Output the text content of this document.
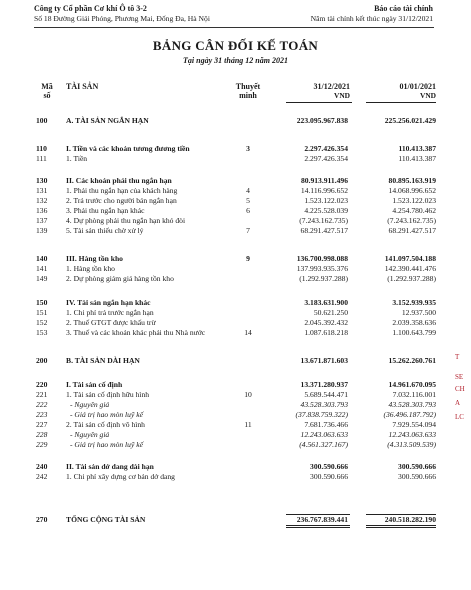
Công ty Cổ phần Cơ khí Ô tô 3-2
Số 18 Đường Giải Phóng, Phương Mai, Đống Đa, Hà Nội
Báo cáo tài chính
Năm tài chính kết thúc ngày 31/12/2021
BẢNG CÂN ĐỐI KẾ TOÁN
Tại ngày 31 tháng 12 năm 2021
Mã
số
TÀI SẢN	Thuyết
minh
31/12/2021
VND
01/01/2021
VND
100	A. TÀI SẢN NGẮN HẠN	223.095.967.838	225.256.021.429
110	I. Tiền và các khoản tương đương tiền	3	2.297.426.354	110.413.387
111	1. Tiền	2.297.426.354	110.413.387
130	II. Các khoản phải thu ngắn hạn	80.913.911.496	80.895.163.919
131	1. Phải thu ngắn hạn của khách hàng	4	14.116.996.652	14.068.996.652
132	2. Trả trước cho người bán ngắn hạn	5	1.523.122.023	1.523.122.023
136	3. Phải thu ngắn hạn khác	6	4.225.528.039	4.254.780.462
137	4. Dự phòng phải thu ngắn hạn khó đòi	(7.243.162.735)	(7.243.162.735)
139	5. Tài sản thiếu chờ xử lý	7	68.291.427.517	68.291.427.517
140	III. Hàng tồn kho	9	136.700.998.088	141.097.504.188
141	1. Hàng tồn kho	137.993.935.376	142.390.441.476
149	2. Dự phòng giảm giá hàng tồn kho	(1.292.937.288)	(1.292.937.288)
150	IV. Tài sản ngắn hạn khác	3.183.631.900	3.152.939.935
151	1. Chi phí trả trước ngắn hạn	50.621.250	12.937.500
152	2. Thuế GTGT được khấu trừ	2.045.392.432	2.039.358.636
153	3. Thuế và các khoản khác phải thu Nhà nước	14	1.087.618.218	1.100.643.799
200	B. TÀI SẢN DÀI HẠN	13.671.871.603	15.262.260.761
220	I. Tài sản cố định	13.371.280.937	14.961.670.095
221	1. Tài sản cố định hữu hình	10	5.689.544.471	7.032.116.001
222	- Nguyên giá	43.528.303.793	43.528.303.793
223	- Giá trị hao mòn luỹ kế	(37.838.759.322)	(36.496.187.792)
227	2. Tài sản cố định vô hình	11	7.681.736.466	7.929.554.094
228	- Nguyên giá	12.243.063.633	12.243.063.633
229	- Giá trị hao mòn luỹ kế	(4.561.327.167)	(4.313.509.539)
240	II. Tài sản dở dang dài hạn	300.590.666	300.590.666
242	1. Chi phí xây dựng cơ bản dở dang	300.590.666	300.590.666
270	TỔNG CỘNG TÀI SẢN	236.767.839.441	240.518.282.190
T
SE
CH
A
LC
